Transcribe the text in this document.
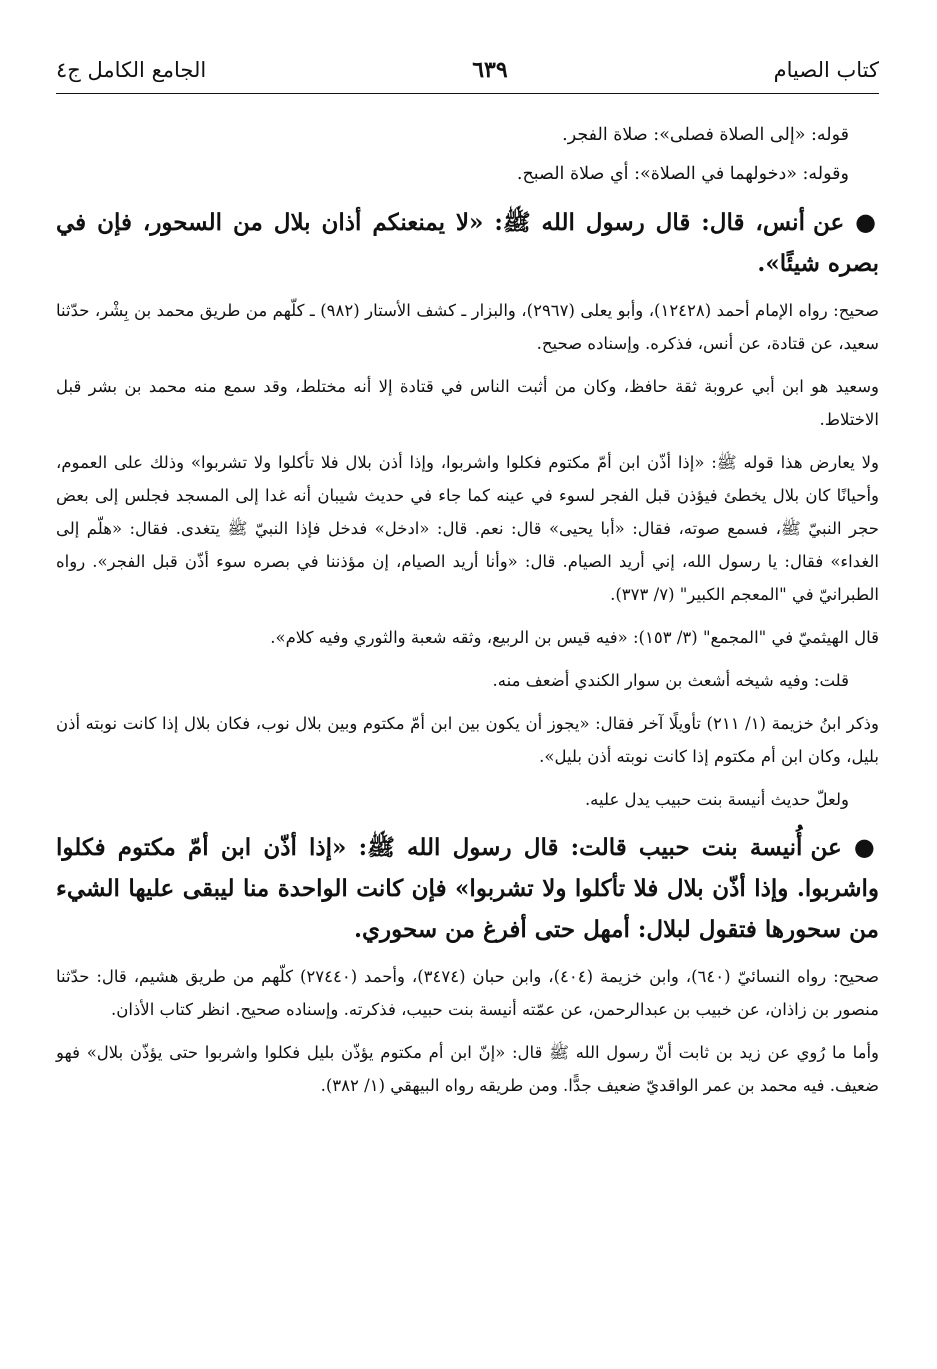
كتاب الصيام
٦٣٩
الجامع الكامل ج٤

قوله: «إلى الصلاة فصلى»: صلاة الفجر.

وقوله: «دخولهما في الصلاة»: أي صلاة الصبح.

● عن أنس، قال: قال رسول الله ﷺ: «لا يمنعنكم أذان بلال من السحور، فإن في بصره شيئًا».

صحيح: رواه الإمام أحمد (١٢٤٢٨)، وأبو يعلى (٢٩٦٧)، والبزار ـ كشف الأستار (٩٨٢) ـ كلّهم من طريق محمد بن بِشْر، حدّثنا سعيد، عن قتادة، عن أنس، فذكره. وإسناده صحيح.

وسعيد هو ابن أبي عروبة ثقة حافظ، وكان من أثبت الناس في قتادة إلا أنه مختلط، وقد سمع منه محمد بن بشر قبل الاختلاط.

ولا يعارض هذا قوله ﷺ: «إذا أذّن ابن أمّ مكتوم فكلوا واشربوا، وإذا أذن بلال فلا تأكلوا ولا تشربوا» وذلك على العموم، وأحيانًا كان بلال يخطئ فيؤذن قبل الفجر لسوء في عينه كما جاء في حديث شيبان أنه غدا إلى المسجد فجلس إلى بعض حجر النبيّ ﷺ، فسمع صوته، فقال: «أبا يحيى» قال: نعم. قال: «ادخل» فدخل فإذا النبيّ ﷺ يتغدى. فقال: «هلّم إلى الغداء» فقال: يا رسول الله، إني أريد الصيام. قال: «وأنا أريد الصيام، إن مؤذننا في بصره سوء أذّن قبل الفجر». رواه الطبرانيّ في "المعجم الكبير" (٧/ ٣٧٣).

قال الهيثميّ في "المجمع" (٣/ ١٥٣): «فيه قيس بن الربيع، وثقه شعبة والثوري وفيه كلام».

قلت: وفيه شيخه أشعث بن سوار الكندي أضعف منه.

وذكر ابنُ خزيمة (١/ ٢١١) تأويلًا آخر فقال: «يجوز أن يكون بين ابن أمّ مكتوم وبين بلال نوب، فكان بلال إذا كانت نوبته أذن بليل، وكان ابن أم مكتوم إذا كانت نوبته أذن بليل».

ولعلّ حديث أنيسة بنت حبيب يدل عليه.

● عن أُنيسة بنت حبيب قالت: قال رسول الله ﷺ: «إذا أذّن ابن أمّ مكتوم فكلوا واشربوا. وإذا أذّن بلال فلا تأكلوا ولا تشربوا» فإن كانت الواحدة منا ليبقى عليها الشيء من سحورها فتقول لبلال: أمهل حتى أفرغ من سحوري.

صحيح: رواه النسائيّ (٦٤٠)، وابن خزيمة (٤٠٤)، وابن حبان (٣٤٧٤)، وأحمد (٢٧٤٤٠) كلّهم من طريق هشيم، قال: حدّثنا منصور بن زاذان، عن خبيب بن عبدالرحمن، عن عمّته أنيسة بنت حبيب، فذكرته. وإسناده صحيح. انظر كتاب الأذان.

وأما ما رُوي عن زيد بن ثابت أنّ رسول الله ﷺ قال: «إنّ ابن أم مكتوم يؤذّن بليل فكلوا واشربوا حتى يؤذّن بلال» فهو ضعيف. فيه محمد بن عمر الواقديّ ضعيف جدًّا. ومن طريقه رواه البيهقي (١/ ٣٨٢).
